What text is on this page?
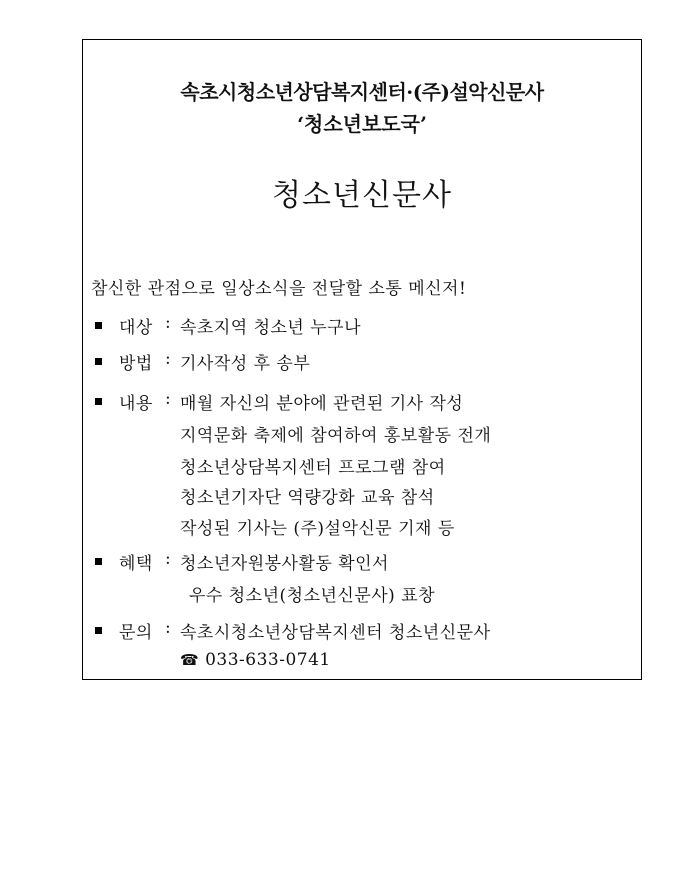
속초시청소년상담복지센터·(주)설악신문사
‘청소년보도국’
청소년신문사
참신한 관점으로 일상소식을 전달할 소통 메신저!
대상 : 속초지역 청소년 누구나
방법 : 기사작성 후 송부
내용 : 매월 자신의 분야에 관련된 기사 작성
지역문화 축제에 참여하여 홍보활동 전개
청소년상담복지센터 프로그램 참여
청소년기자단 역량강화 교육 참석
작성된 기사는 (주)설악신문 기재 등
혜택 : 청소년자원봉사활동 확인서
우수 청소년(청소년신문사) 표창
문의 : 속초시청소년상담복지센터 청소년신문사
☎ 033-633-0741
